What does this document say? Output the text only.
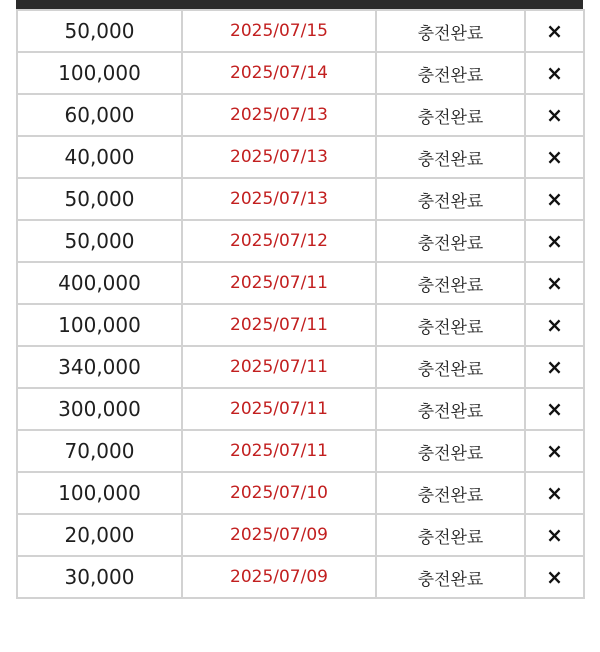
50,000	2025/07/15	충전완료	×
100,000	2025/07/14	충전완료	×
60,000	2025/07/13	충전완료	×
40,000	2025/07/13	충전완료	×
50,000	2025/07/13	충전완료	×
50,000	2025/07/12	충전완료	×
400,000	2025/07/11	충전완료	×
100,000	2025/07/11	충전완료	×
340,000	2025/07/11	충전완료	×
300,000	2025/07/11	충전완료	×
70,000	2025/07/11	충전완료	×
100,000	2025/07/10	충전완료	×
20,000	2025/07/09	충전완료	×
30,000	2025/07/09	충전완료	×
